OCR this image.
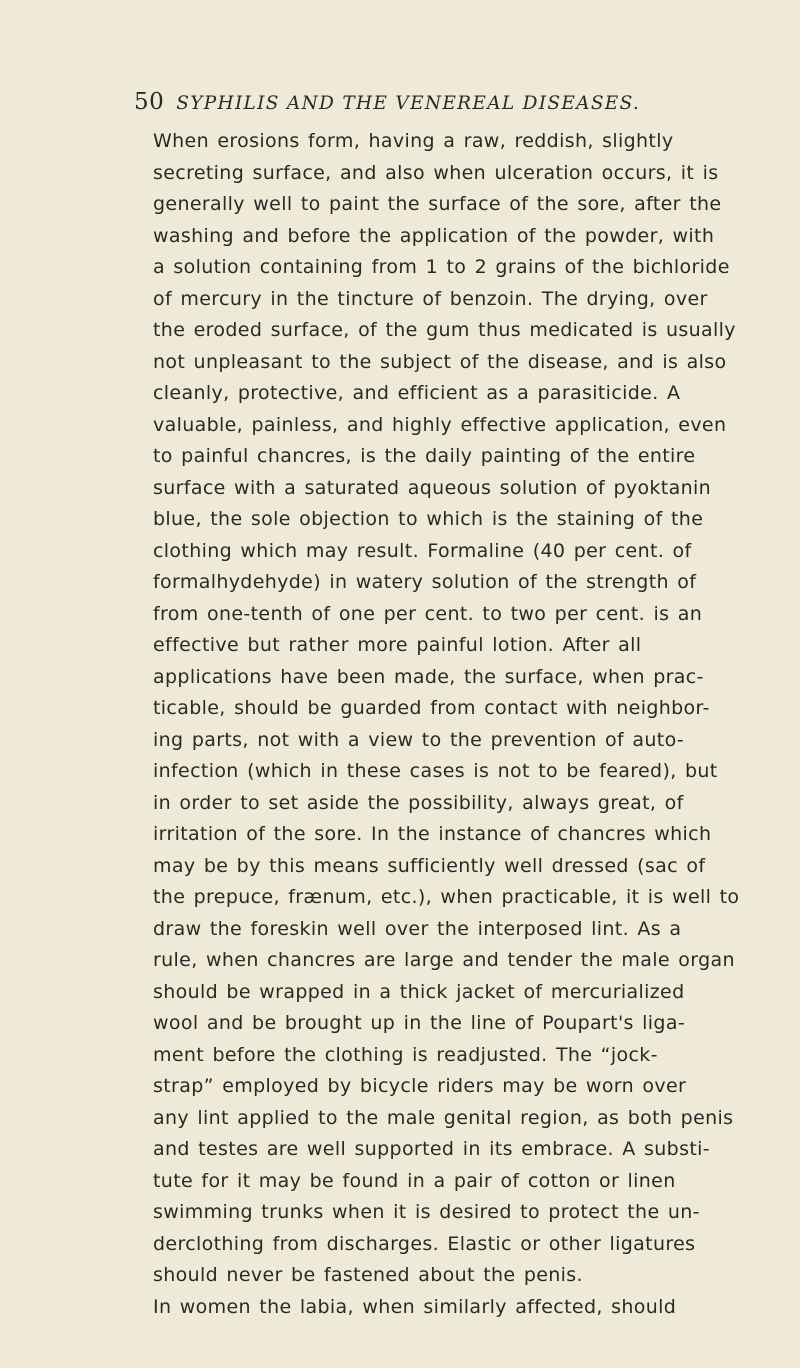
50 SYPHILIS AND THE VENEREAL DISEASES.
When erosions form, having a raw, reddish, slightly
secreting surface, and also when ulceration occurs, it is
generally well to paint the surface of the sore, after the
washing and before the application of the powder, with
a solution containing from 1 to 2 grains of the bichloride
of mercury in the tincture of benzoin. The drying, over
the eroded surface, of the gum thus medicated is usually
not unpleasant to the subject of the disease, and is also
cleanly, protective, and efficient as a parasiticide. A
valuable, painless, and highly effective application, even
to painful chancres, is the daily painting of the entire
surface with a saturated aqueous solution of pyoktanin
blue, the sole objection to which is the staining of the
clothing which may result. Formaline (40 per cent. of
formalhydehyde) in watery solution of the strength of
from one-tenth of one per cent. to two per cent. is an
effective but rather more painful lotion. After all
applications have been made, the surface, when prac-
ticable, should be guarded from contact with neighbor-
ing parts, not with a view to the prevention of auto-
infection (which in these cases is not to be feared), but
in order to set aside the possibility, always great, of
irritation of the sore. In the instance of chancres which
may be by this means sufficiently well dressed (sac of
the prepuce, frænum, etc.), when practicable, it is well to
draw the foreskin well over the interposed lint. As a
rule, when chancres are large and tender the male organ
should be wrapped in a thick jacket of mercurialized
wool and be brought up in the line of Poupart's liga-
ment before the clothing is readjusted. The “jock-
strap” employed by bicycle riders may be worn over
any lint applied to the male genital region, as both penis
and testes are well supported in its embrace. A substi-
tute for it may be found in a pair of cotton or linen
swimming trunks when it is desired to protect the un-
derclothing from discharges. Elastic or other ligatures
should never be fastened about the penis.
In women the labia, when similarly affected, should
